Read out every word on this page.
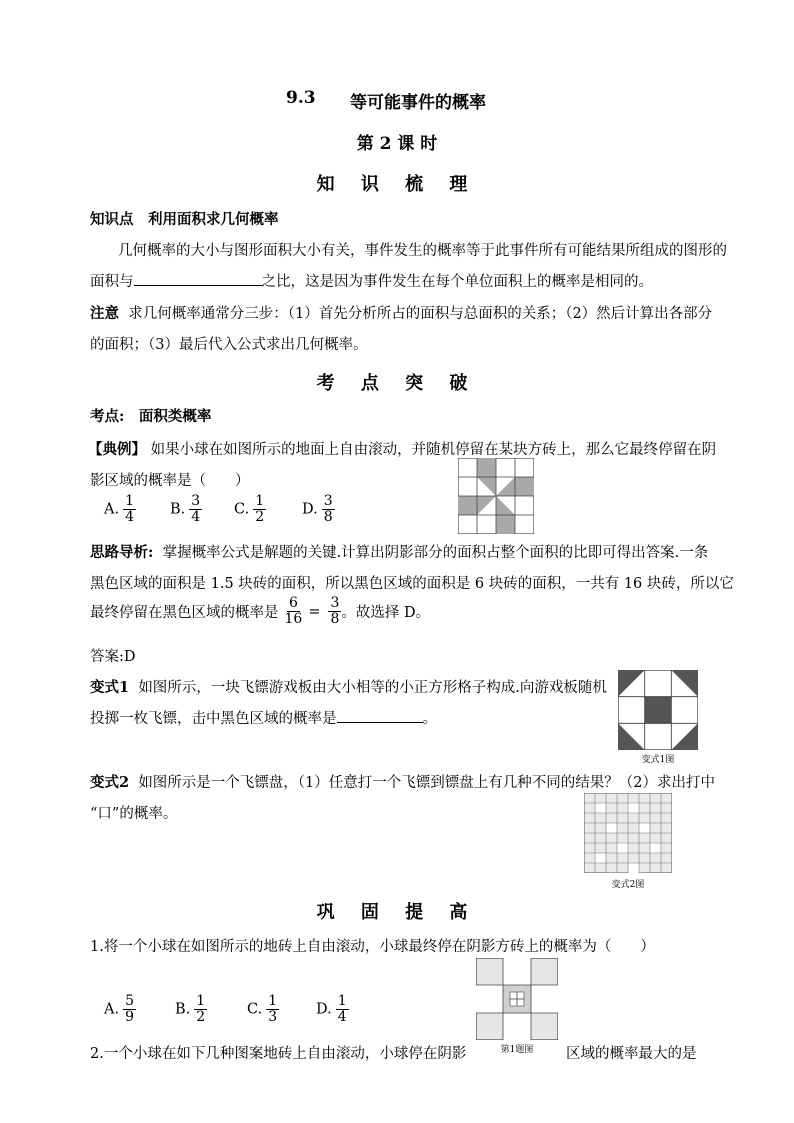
9.3 等可能事件的概率
第 2 课 时
知 识 梳 理
知识点　利用面积求几何概率
几何概率的大小与图形面积大小有关，事件发生的概率等于此事件所有可能结果所组成的图形的
面积与	之比，这是因为事件发生在每个单位面积上的概率是相同的。
注意 求几何概率通常分三步：（1）首先分析所占的面积与总面积的关系；（2）然后计算出各部分
的面积；（3）最后代入公式求出几何概率。
考 点 突 破
考点:　面积类概率
【典例】 如果小球在如图所示的地面上自由滚动，并随机停留在某块方砖上，那么它最终停留在阴
影区域的概率是（　　）
A. $\frac{1}{4} B$. $\frac{3}{4} C$. $\frac{1}{2} D$. $\frac{3}{8}$
思路导析: 掌握概率公式是解题的关键.计算出阴影部分的面积占整个面积的比即可得出答案.一条
黑色区域的面积是 1.5 块砖的面积，所以黑色区域的面积是 6 块砖的面积，一共有 16 块砖，所以它
最终停留在黑色区域的概率是 $\frac{6}{16} = \frac{3}{8}$ 。故选择 D。
答案:D
变式1 如图所示，一块飞镖游戏板由大小相等的小正方形格子构成.向游戏板随机
投掷一枚飞镖，击中黑色区域的概率是	。
变式1图
变式2 如图所示是一个飞镖盘，（1）任意打一个飞镖到镖盘上有几种不同的结果？（2）求出打中
“口”的概率。
变式2图
巩 固 提 高
1.将一个小球在如图所示的地砖上自由滚动，小球最终停在阴影方砖上的概率为（　　）
A. $\frac{5}{9}$	B. $\frac{1}{2}$	C. $\frac{1}{3}$	D. $\frac{1}{4}$
第1题图
2.一个小球在如下几种图案地砖上自由滚动，小球停在阴影	区域的概率最大的是
